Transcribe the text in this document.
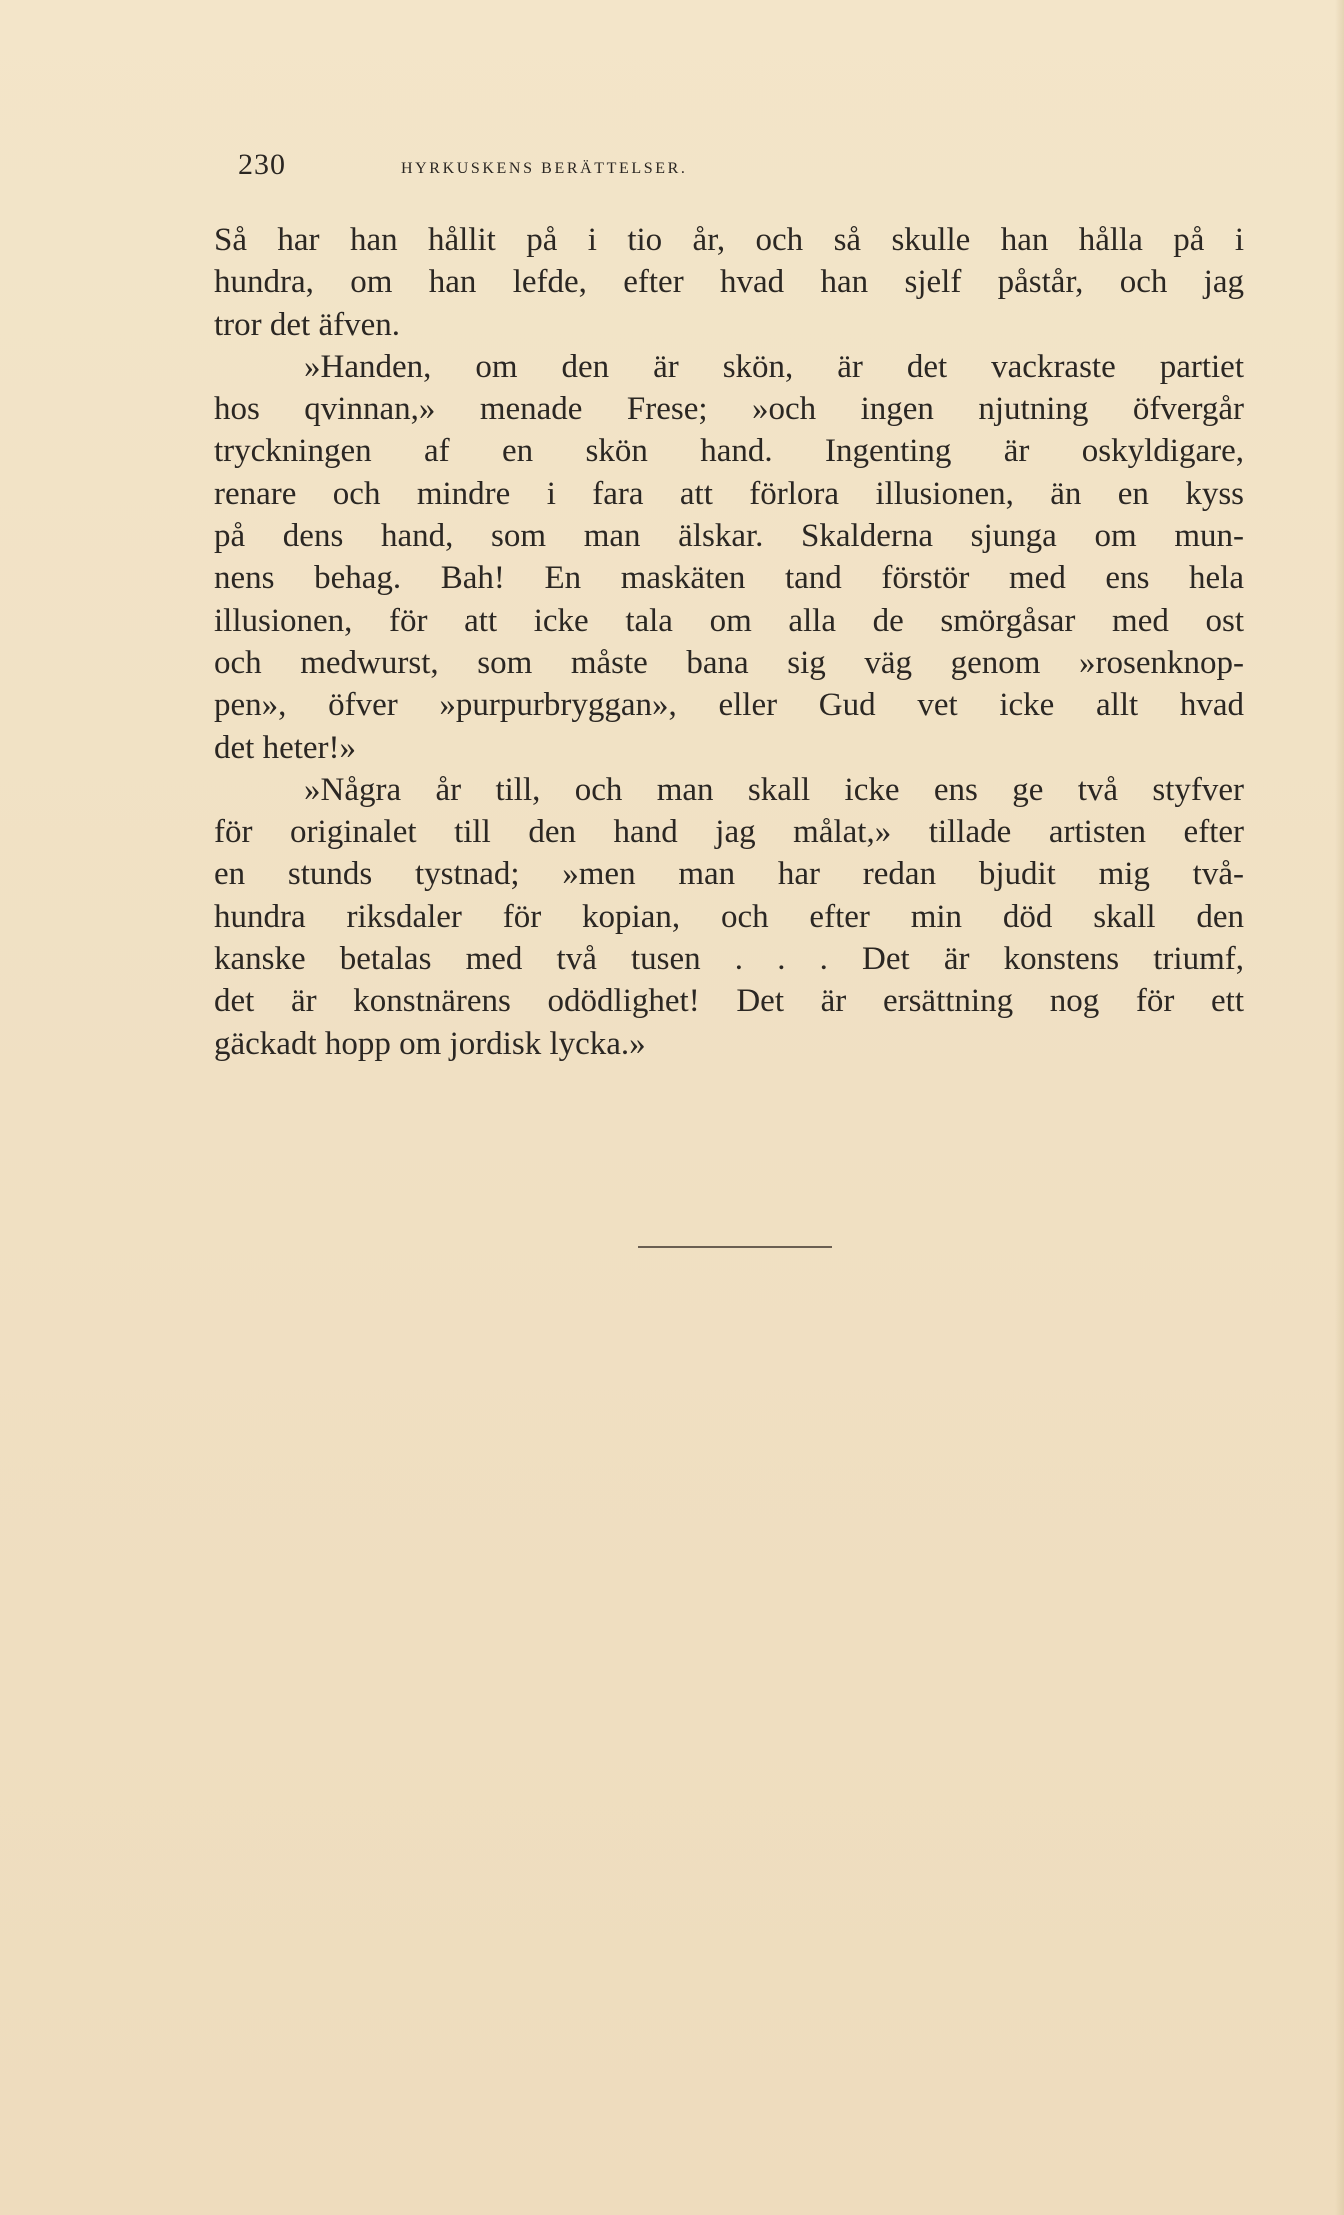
230	HYRKUSKENS BERÄTTELSER.
Så har han hållit på i tio år, och så skulle han hålla på i
hundra, om han lefde, efter hvad han sjelf påstår, och jag
tror det äfven.
»Handen, om den är skön, är det vackraste partiet
hos qvinnan,» menade Frese; »och ingen njutning öfvergår
tryckningen af en skön hand. Ingenting är oskyldigare,
renare och mindre i fara att förlora illusionen, än en kyss
på dens hand, som man älskar. Skalderna sjunga om mun-
nens behag. Bah! En maskäten tand förstör med ens hela
illusionen, för att icke tala om alla de smörgåsar med ost
och medwurst, som måste bana sig väg genom »rosenknop-
pen», öfver »purpurbryggan», eller Gud vet icke allt hvad
det heter!»
»Några år till, och man skall icke ens ge två styfver
för originalet till den hand jag målat,» tillade artisten efter
en stunds tystnad; »men man har redan bjudit mig två-
hundra riksdaler för kopian, och efter min död skall den
kanske betalas med två tusen . . . Det är konstens triumf,
det är konstnärens odödlighet! Det är ersättning nog för ett
gäckadt hopp om jordisk lycka.»
